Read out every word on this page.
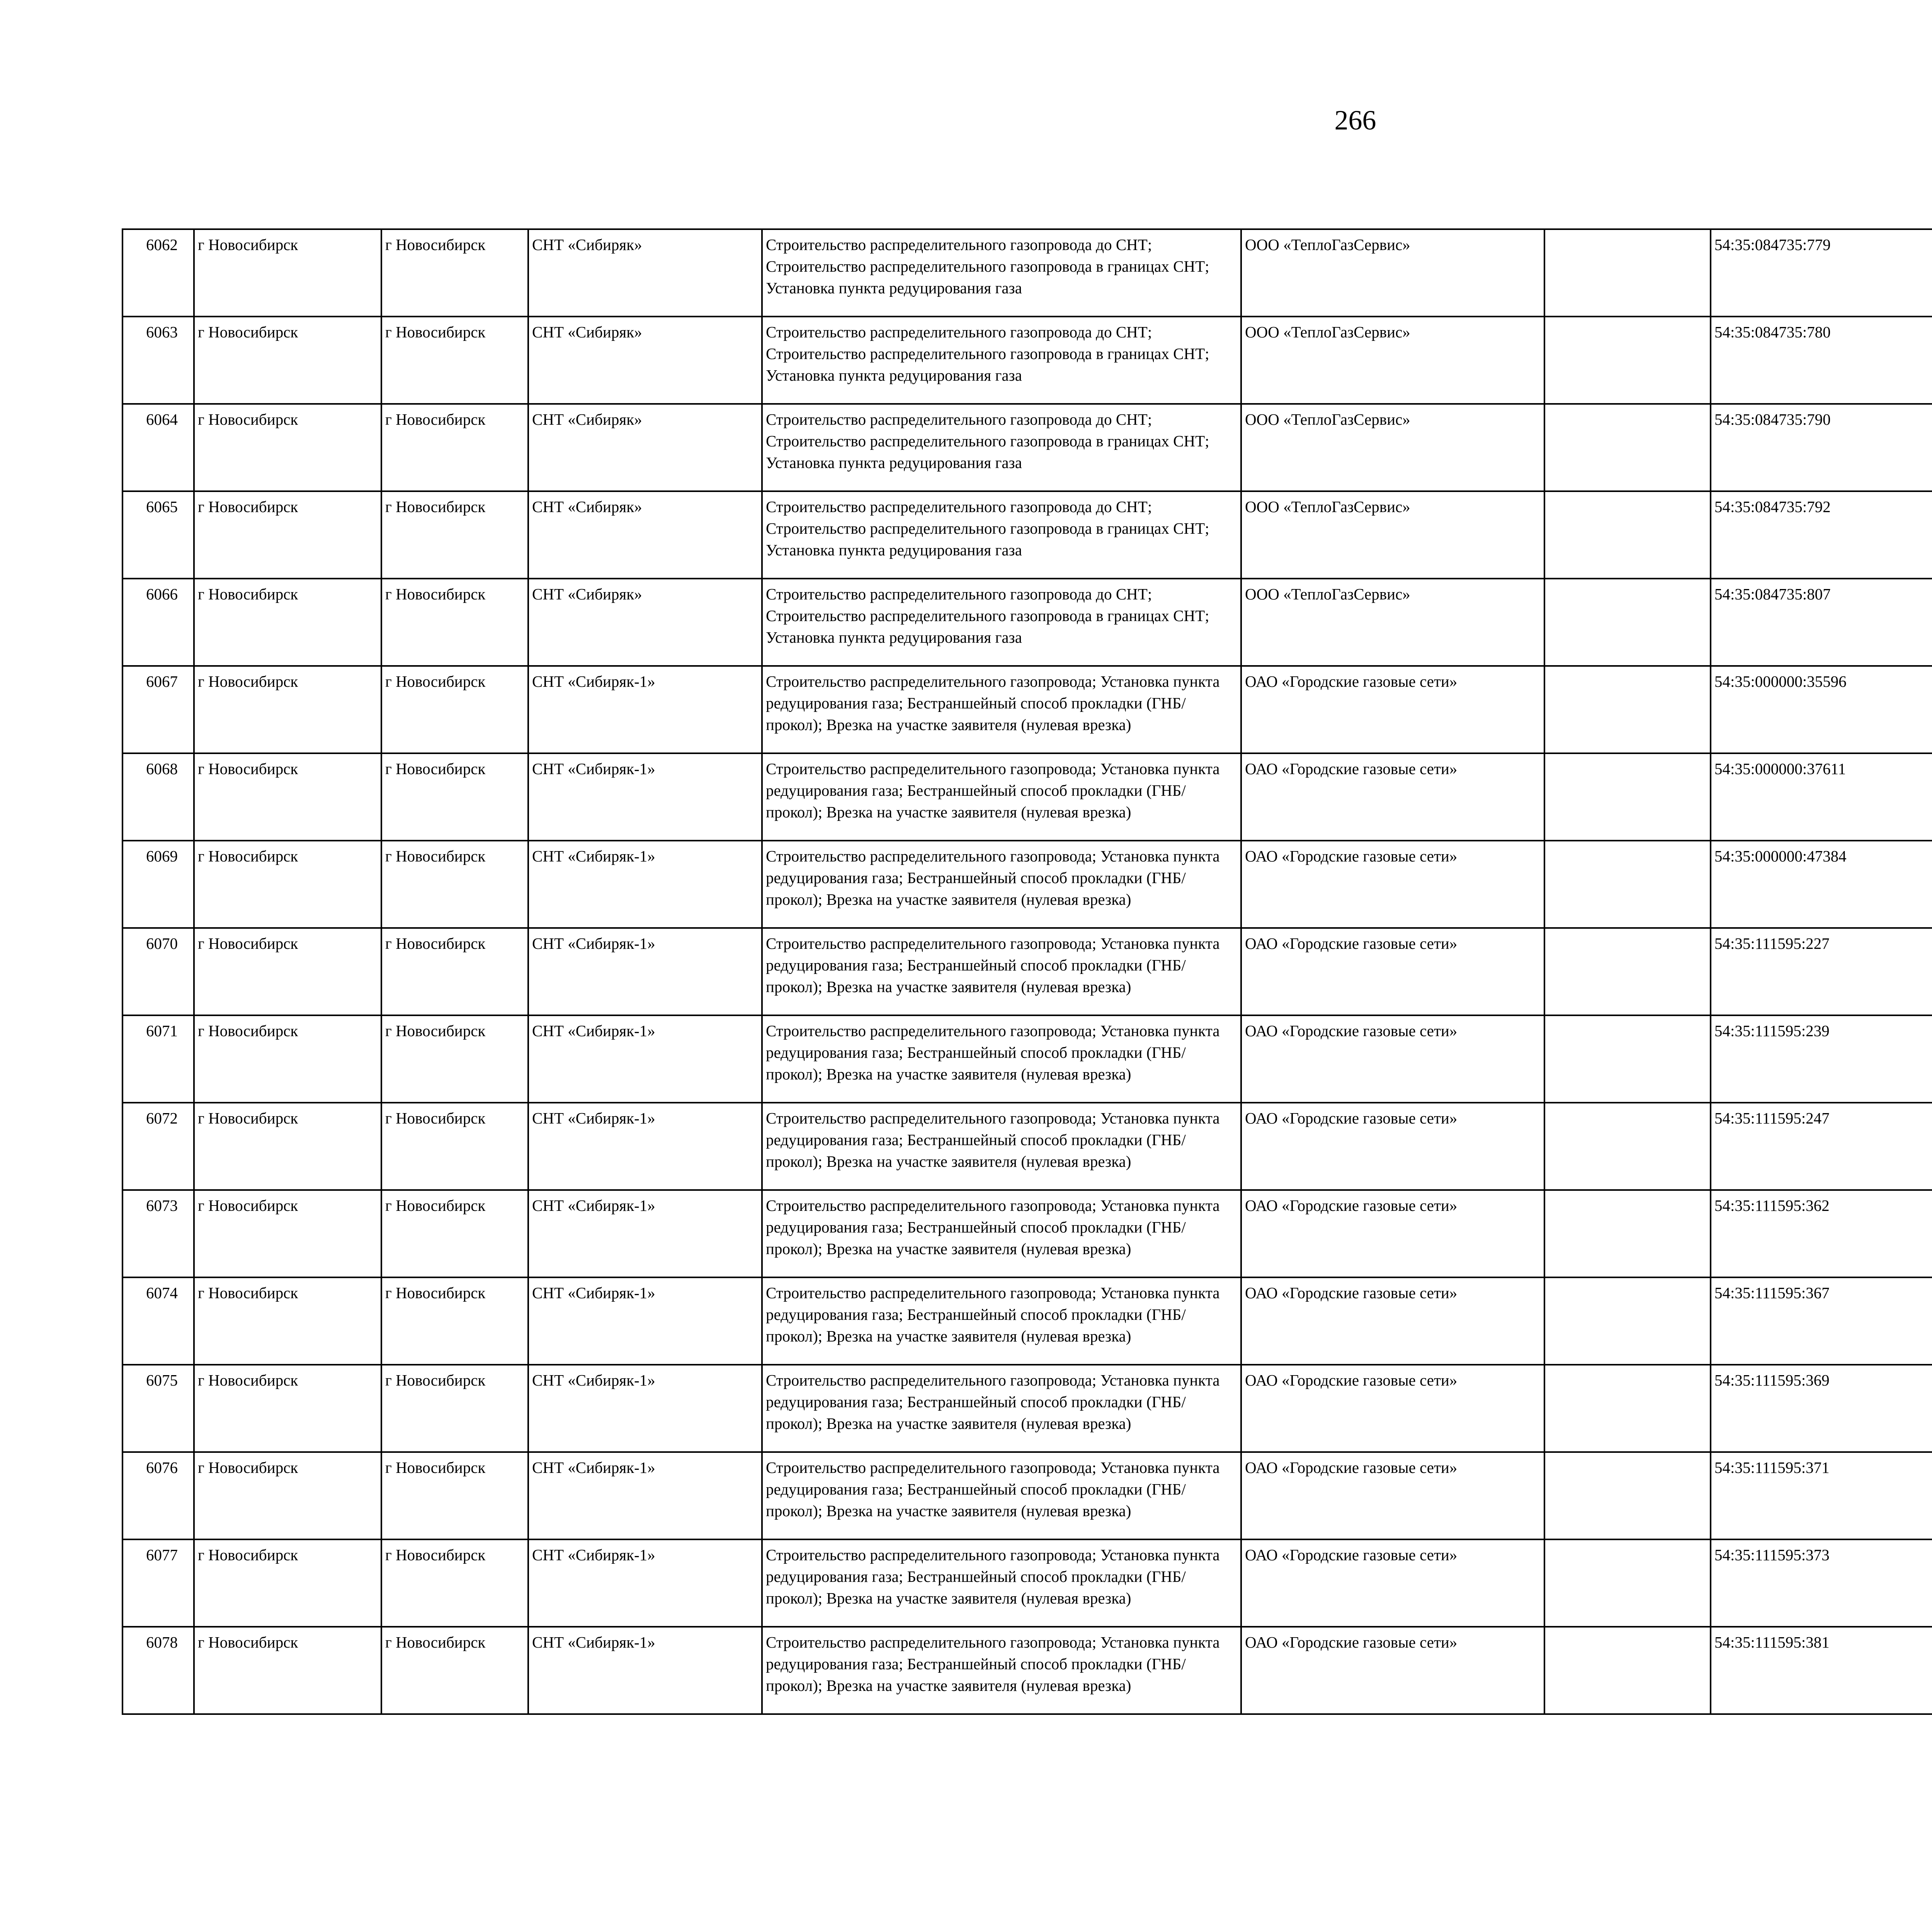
266
6062	г Новосибирск	г Новосибирск	СНТ «Сибиряк»	Строительство распределительного газопровода до СНТ; Строительство распределительного газопровода в границах СНТ; Установка пункта редуцирования газа	ООО «ТеплоГазСервис»		54:35:084735:779					
6063	г Новосибирск	г Новосибирск	СНТ «Сибиряк»	Строительство распределительного газопровода до СНТ; Строительство распределительного газопровода в границах СНТ; Установка пункта редуцирования газа	ООО «ТеплоГазСервис»		54:35:084735:780					
6064	г Новосибирск	г Новосибирск	СНТ «Сибиряк»	Строительство распределительного газопровода до СНТ; Строительство распределительного газопровода в границах СНТ; Установка пункта редуцирования газа	ООО «ТеплоГазСервис»		54:35:084735:790					
6065	г Новосибирск	г Новосибирск	СНТ «Сибиряк»	Строительство распределительного газопровода до СНТ; Строительство распределительного газопровода в границах СНТ; Установка пункта редуцирования газа	ООО «ТеплоГазСервис»		54:35:084735:792					
6066	г Новосибирск	г Новосибирск	СНТ «Сибиряк»	Строительство распределительного газопровода до СНТ; Строительство распределительного газопровода в границах СНТ; Установка пункта редуцирования газа	ООО «ТеплоГазСервис»		54:35:084735:807					
6067	г Новосибирск	г Новосибирск	СНТ «Сибиряк-1»	Строительство распределительного газопровода; Установка пункта редуцирования газа; Бестраншейный способ прокладки (ГНБ/прокол); Врезка на участке заявителя (нулевая врезка)	ОАО «Городские газовые сети»		54:35:000000:35596					
6068	г Новосибирск	г Новосибирск	СНТ «Сибиряк-1»	Строительство распределительного газопровода; Установка пункта редуцирования газа; Бестраншейный способ прокладки (ГНБ/прокол); Врезка на участке заявителя (нулевая врезка)	ОАО «Городские газовые сети»		54:35:000000:37611					
6069	г Новосибирск	г Новосибирск	СНТ «Сибиряк-1»	Строительство распределительного газопровода; Установка пункта редуцирования газа; Бестраншейный способ прокладки (ГНБ/прокол); Врезка на участке заявителя (нулевая врезка)	ОАО «Городские газовые сети»		54:35:000000:47384					
6070	г Новосибирск	г Новосибирск	СНТ «Сибиряк-1»	Строительство распределительного газопровода; Установка пункта редуцирования газа; Бестраншейный способ прокладки (ГНБ/прокол); Врезка на участке заявителя (нулевая врезка)	ОАО «Городские газовые сети»		54:35:111595:227					
6071	г Новосибирск	г Новосибирск	СНТ «Сибиряк-1»	Строительство распределительного газопровода; Установка пункта редуцирования газа; Бестраншейный способ прокладки (ГНБ/прокол); Врезка на участке заявителя (нулевая врезка)	ОАО «Городские газовые сети»		54:35:111595:239					
6072	г Новосибирск	г Новосибирск	СНТ «Сибиряк-1»	Строительство распределительного газопровода; Установка пункта редуцирования газа; Бестраншейный способ прокладки (ГНБ/прокол); Врезка на участке заявителя (нулевая врезка)	ОАО «Городские газовые сети»		54:35:111595:247					
6073	г Новосибирск	г Новосибирск	СНТ «Сибиряк-1»	Строительство распределительного газопровода; Установка пункта редуцирования газа; Бестраншейный способ прокладки (ГНБ/прокол); Врезка на участке заявителя (нулевая врезка)	ОАО «Городские газовые сети»		54:35:111595:362					
6074	г Новосибирск	г Новосибирск	СНТ «Сибиряк-1»	Строительство распределительного газопровода; Установка пункта редуцирования газа; Бестраншейный способ прокладки (ГНБ/прокол); Врезка на участке заявителя (нулевая врезка)	ОАО «Городские газовые сети»		54:35:111595:367					
6075	г Новосибирск	г Новосибирск	СНТ «Сибиряк-1»	Строительство распределительного газопровода; Установка пункта редуцирования газа; Бестраншейный способ прокладки (ГНБ/прокол); Врезка на участке заявителя (нулевая врезка)	ОАО «Городские газовые сети»		54:35:111595:369					
6076	г Новосибирск	г Новосибирск	СНТ «Сибиряк-1»	Строительство распределительного газопровода; Установка пункта редуцирования газа; Бестраншейный способ прокладки (ГНБ/прокол); Врезка на участке заявителя (нулевая врезка)	ОАО «Городские газовые сети»		54:35:111595:371					
6077	г Новосибирск	г Новосибирск	СНТ «Сибиряк-1»	Строительство распределительного газопровода; Установка пункта редуцирования газа; Бестраншейный способ прокладки (ГНБ/прокол); Врезка на участке заявителя (нулевая врезка)	ОАО «Городские газовые сети»		54:35:111595:373					
6078	г Новосибирск	г Новосибирск	СНТ «Сибиряк-1»	Строительство распределительного газопровода; Установка пункта редуцирования газа; Бестраншейный способ прокладки (ГНБ/прокол); Врезка на участке заявителя (нулевая врезка)	ОАО «Городские газовые сети»		54:35:111595:381					
